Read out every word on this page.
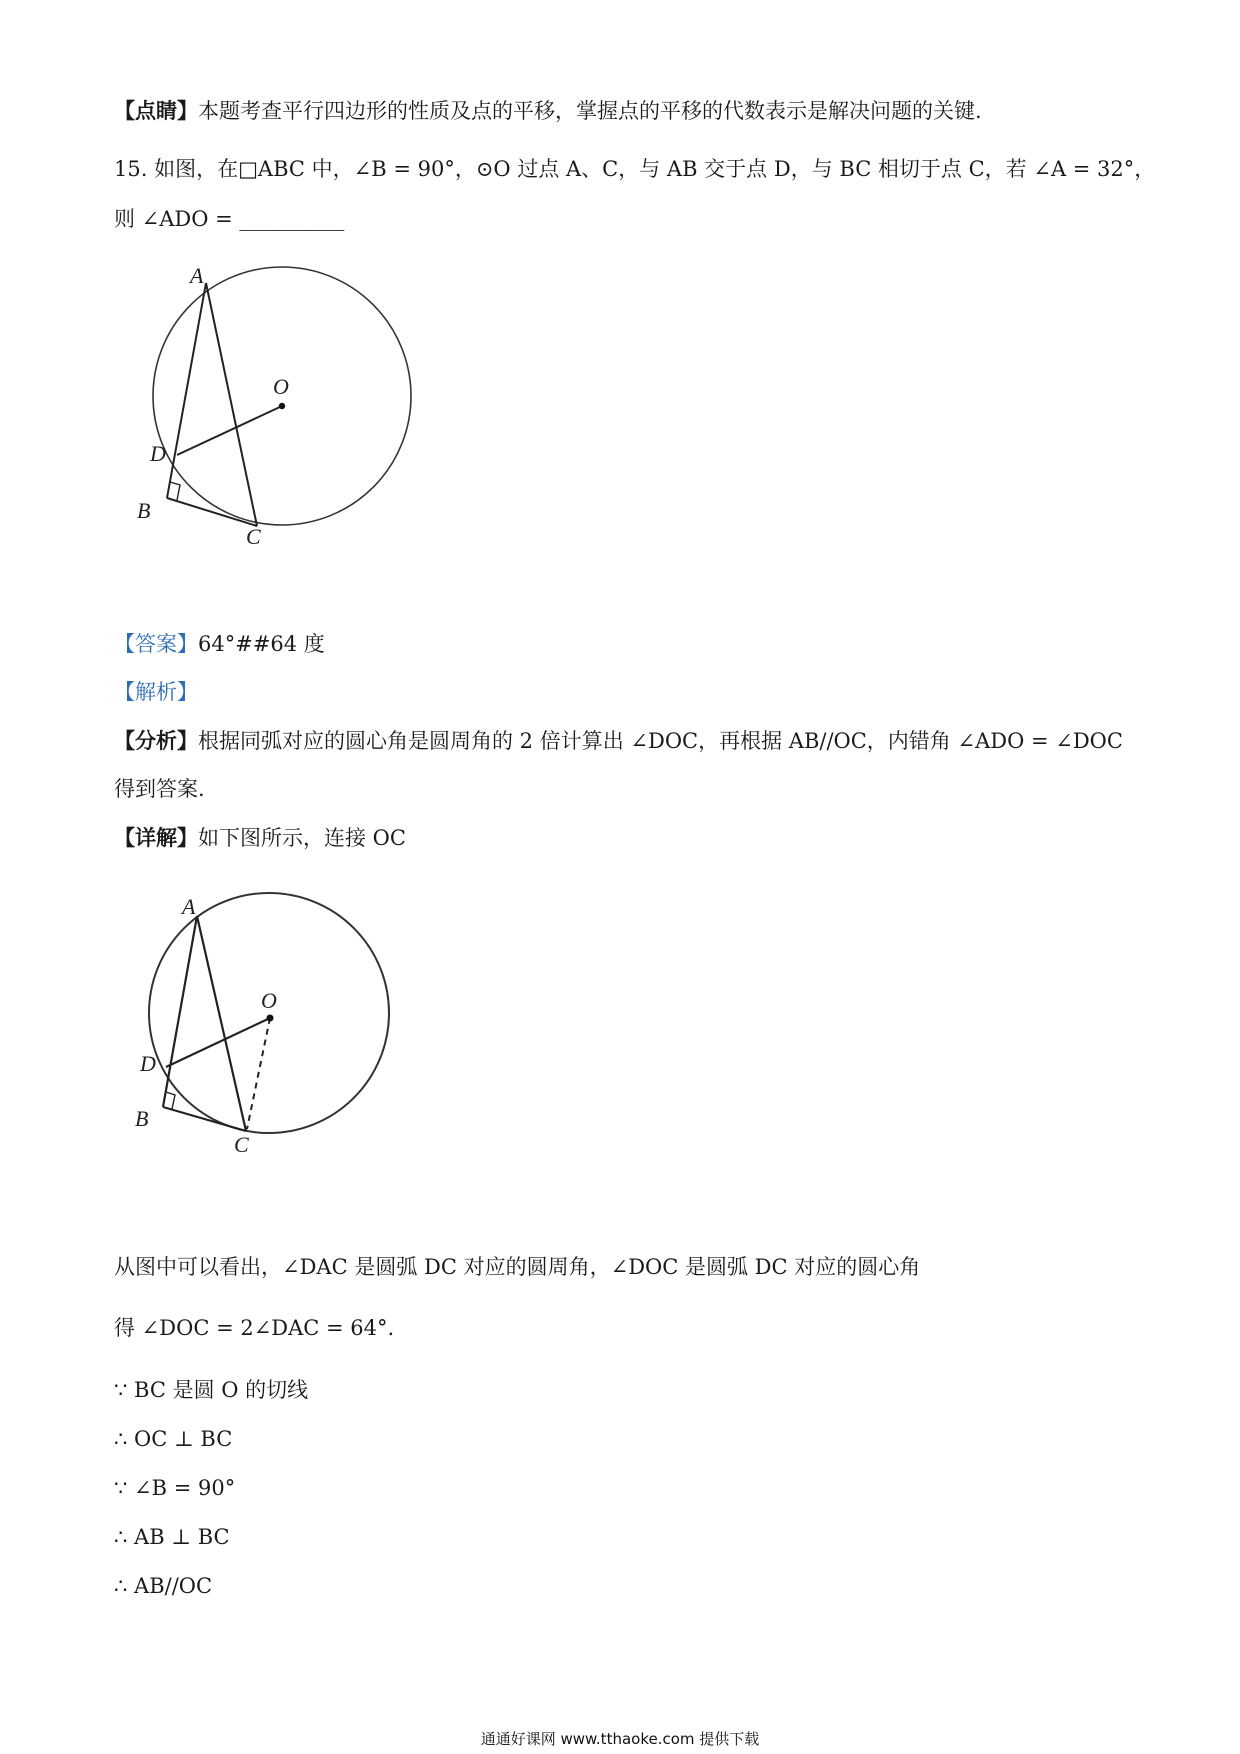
【点睛】本题考查平行四边形的性质及点的平移，掌握点的平移的代数表示是解决问题的关键.
15. 如图，在□ABC 中，∠B = 90°，⊙O 过点 A、C，与 AB 交于点 D，与 BC 相切于点 C，若 ∠A = 32°，
则 ∠ADO = __________
A
O
D
B
C
【答案】64°##64 度
【解析】
【分析】根据同弧对应的圆心角是圆周角的 2 倍计算出 ∠DOC，再根据 AB//OC，内错角 ∠ADO = ∠DOC
得到答案.
【详解】如下图所示，连接 OC
A
O
D
B
C
从图中可以看出，∠DAC 是圆弧 DC 对应的圆周角，∠DOC 是圆弧 DC 对应的圆心角
得 ∠DOC = 2∠DAC = 64°.
∵ BC 是圆 O 的切线
∴ OC ⊥ BC
∵ ∠B = 90°
∴ AB ⊥ BC
∴ AB//OC
通通好课网 www.tthaoke.com 提供下载
